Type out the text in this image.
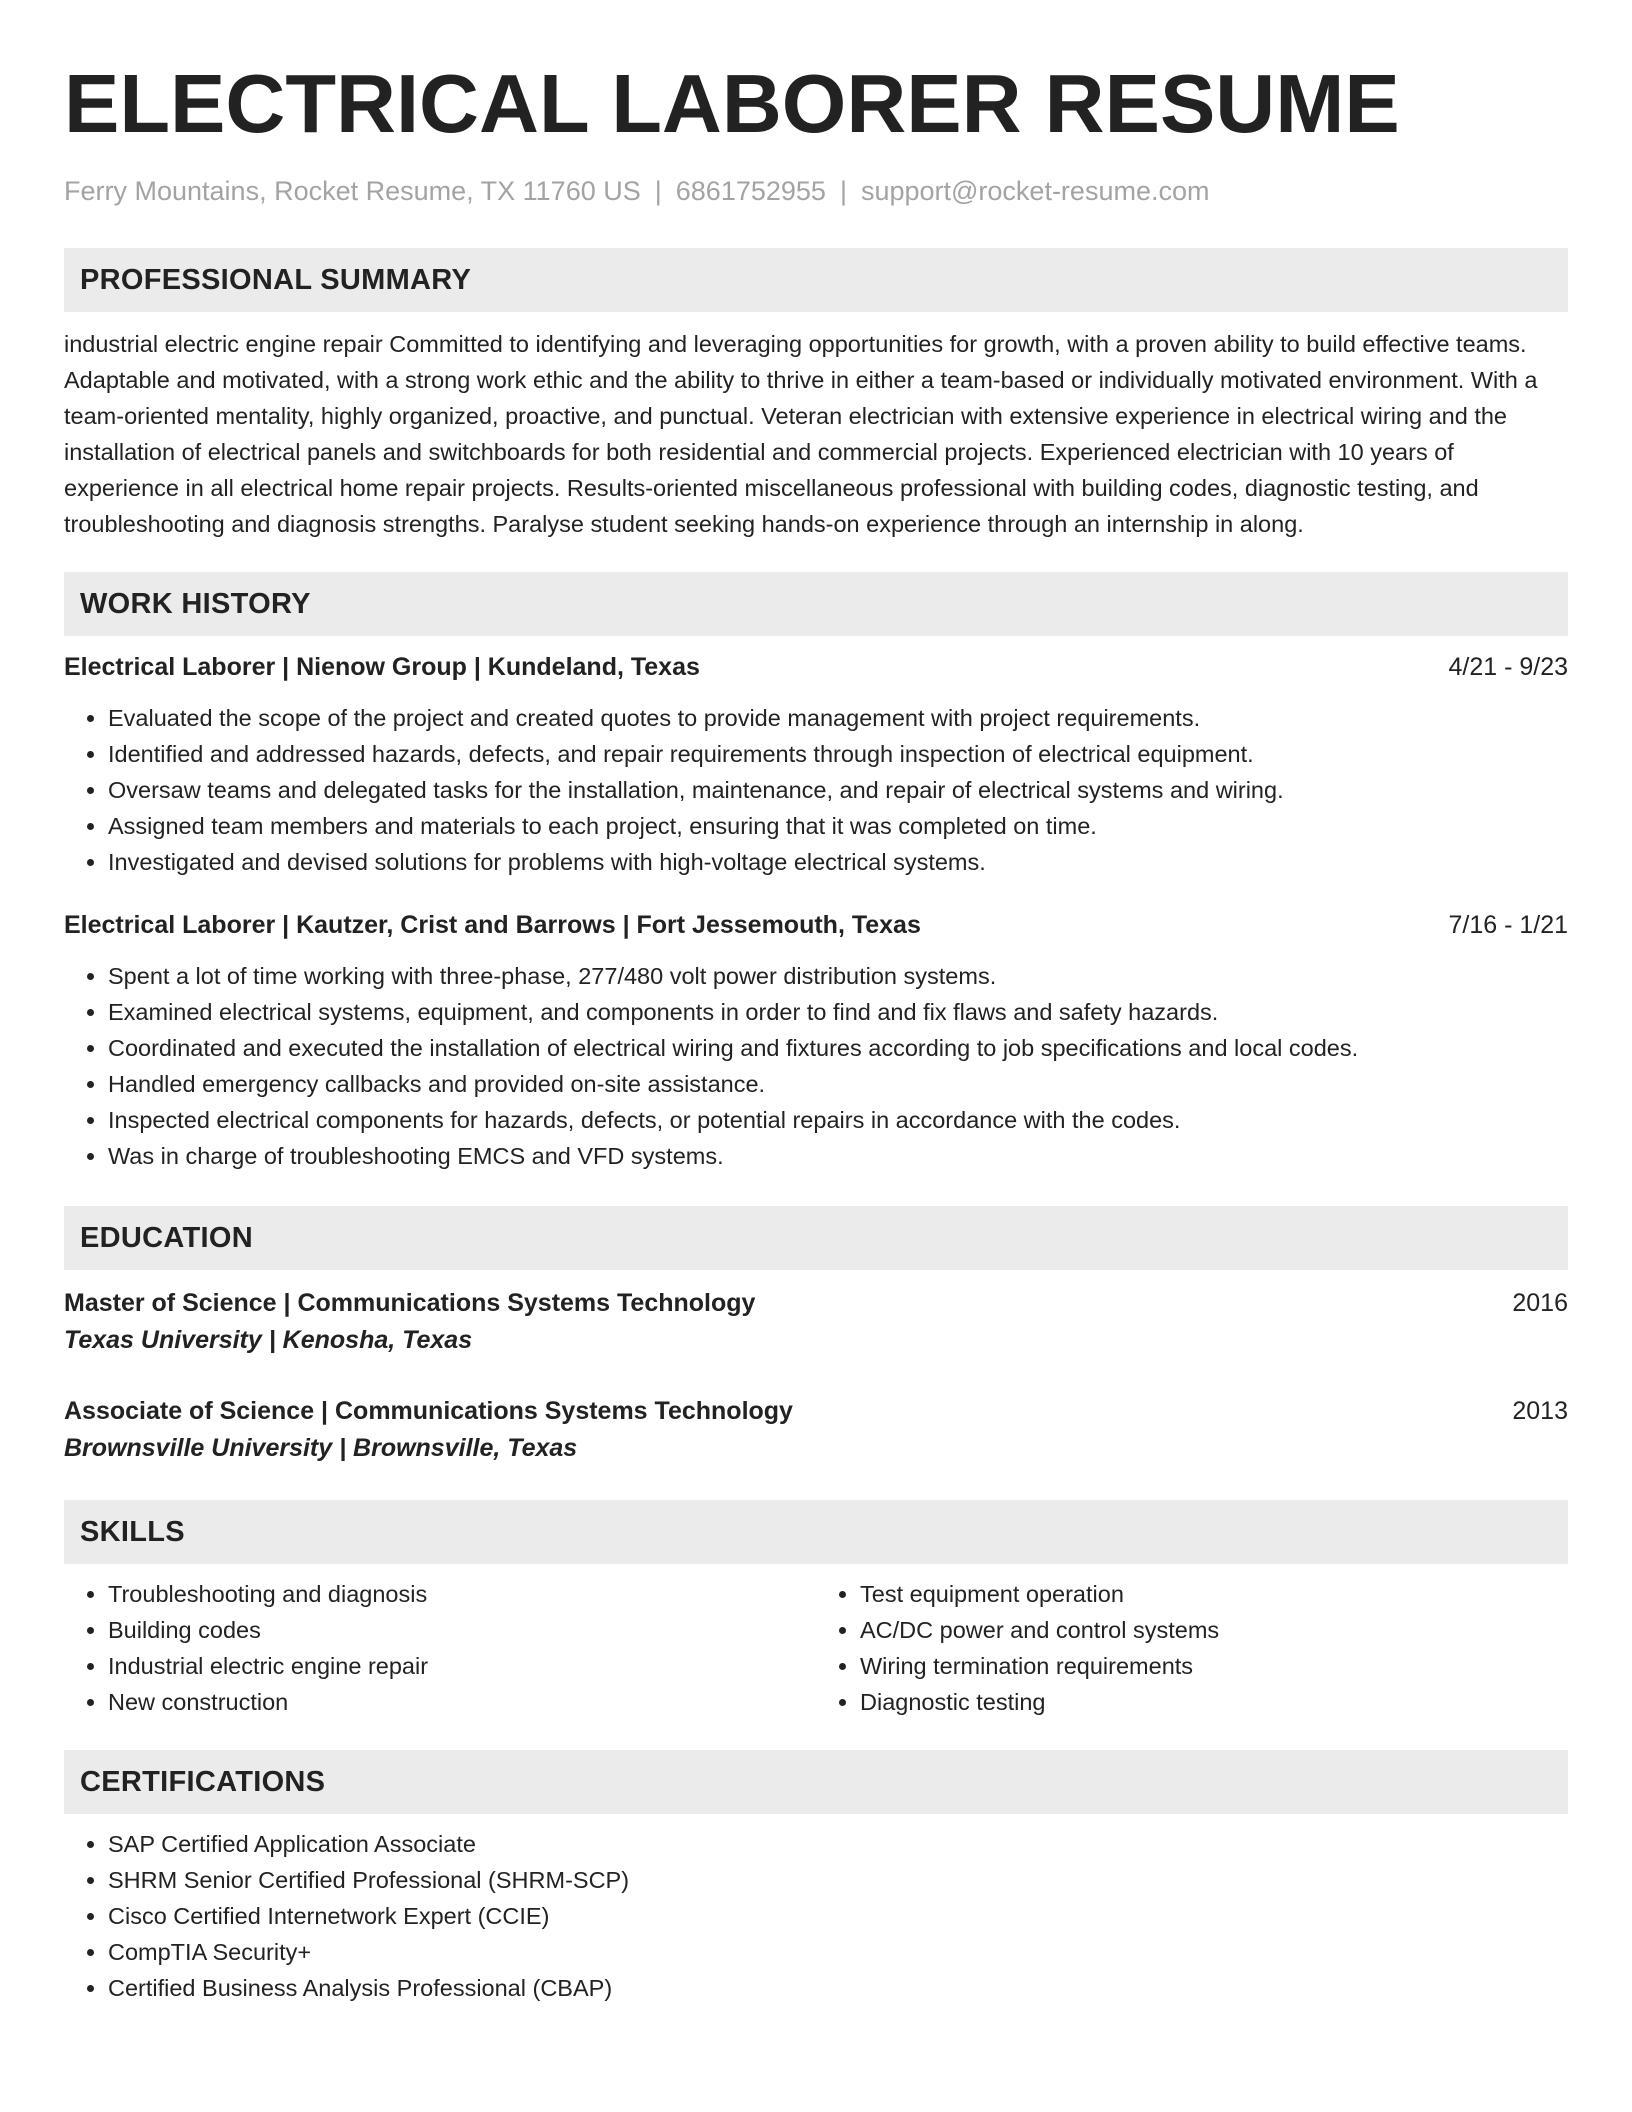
ELECTRICAL LABORER RESUME
Ferry Mountains, Rocket Resume, TX 11760 US | 6861752955 | support@rocket-resume.com
PROFESSIONAL SUMMARY

industrial electric engine repair Committed to identifying and leveraging opportunities for growth, with a proven ability to build effective teams. Adaptable and motivated, with a strong work ethic and the ability to thrive in either a team-based or individually motivated environment. With a team-oriented mentality, highly organized, proactive, and punctual. Veteran electrician with extensive experience in electrical wiring and the installation of electrical panels and switchboards for both residential and commercial projects. Experienced electrician with 10 years of experience in all electrical home repair projects. Results-oriented miscellaneous professional with building codes, diagnostic testing, and troubleshooting and diagnosis strengths. Paralyse student seeking hands-on experience through an internship in along.

WORK HISTORY
Electrical Laborer | Nienow Group | Kundeland, Texas	4/21 - 9/23
• Evaluated the scope of the project and created quotes to provide management with project requirements.
• Identified and addressed hazards, defects, and repair requirements through inspection of electrical equipment.
• Oversaw teams and delegated tasks for the installation, maintenance, and repair of electrical systems and wiring.
• Assigned team members and materials to each project, ensuring that it was completed on time.
• Investigated and devised solutions for problems with high-voltage electrical systems.
Electrical Laborer | Kautzer, Crist and Barrows | Fort Jessemouth, Texas	7/16 - 1/21
• Spent a lot of time working with three-phase, 277/480 volt power distribution systems.
• Examined electrical systems, equipment, and components in order to find and fix flaws and safety hazards.
• Coordinated and executed the installation of electrical wiring and fixtures according to job specifications and local codes.
• Handled emergency callbacks and provided on-site assistance.
• Inspected electrical components for hazards, defects, or potential repairs in accordance with the codes.
• Was in charge of troubleshooting EMCS and VFD systems.
EDUCATION
Master of Science | Communications Systems Technology	2016
Texas University | Kenosha, Texas
Associate of Science | Communications Systems Technology	2013
Brownsville University | Brownsville, Texas
SKILLS
• Troubleshooting and diagnosis
• Building codes
• Industrial electric engine repair
• New construction
• Test equipment operation
• AC/DC power and control systems
• Wiring termination requirements
• Diagnostic testing
CERTIFICATIONS
• SAP Certified Application Associate
• SHRM Senior Certified Professional (SHRM-SCP)
• Cisco Certified Internetwork Expert (CCIE)
• CompTIA Security+
• Certified Business Analysis Professional (CBAP)
